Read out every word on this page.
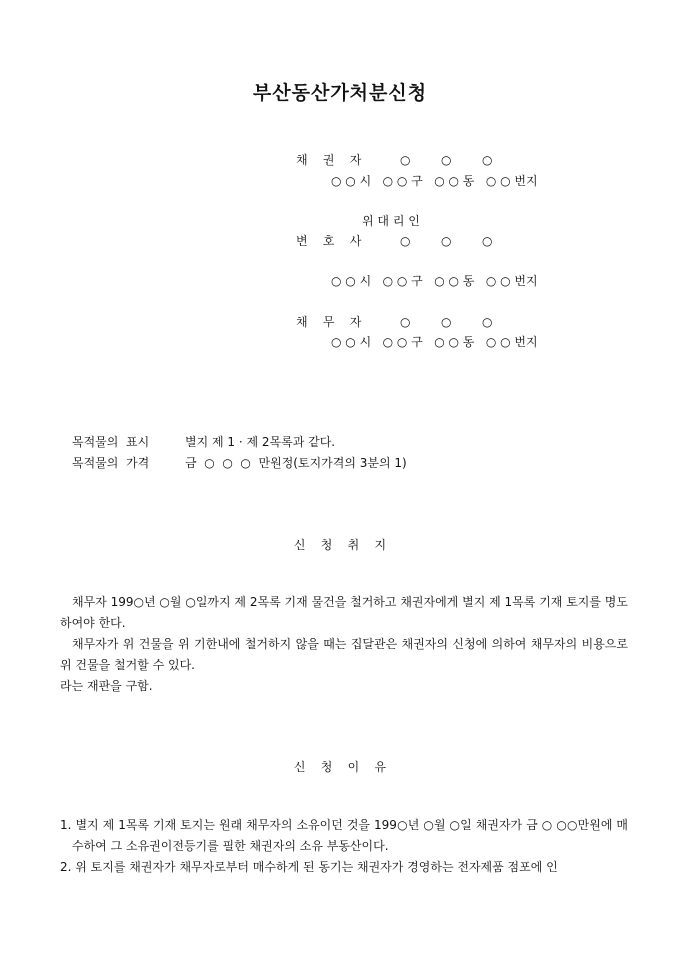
부산동산가처분신청
채    권    자	○        ○        ○
○ ○ 시   ○ ○ 구   ○ ○ 동   ○ ○ 번지
위 대 리 인
변    호    사	○        ○        ○
○ ○ 시   ○ ○ 구   ○ ○ 동   ○ ○ 번지
채    무    자	○        ○        ○
○ ○ 시   ○ ○ 구   ○ ○ 동   ○ ○ 번지
목적물의  표시	별지 제 1 · 제 2목록과 같다.
목적물의  가격	금  ○  ○  ○  만원정(토지가격의 3분의 1)
신    청    취    지

채무자 199○년 ○월 ○일까지 제 2목록 기재 물건을 철거하고 채권자에게 별지 제 1목록 기재 토지를 명도하여야 한다.

채무자가 위 건물을 위 기한내에 철거하지 않을 때는 집달관은 채권자의 신청에 의하여 채무자의 비용으로 위 건물을 철거할 수 있다.

라는 재판을 구함.

신    청    이    유

1. 별지 제 1목록 기재 토지는 원래 채무자의 소유이던 것을 199○년 ○월 ○일 채권자가 금 ○ ○○만원에 매수하여 그 소유권이전등기를 필한 채권자의 소유 부동산이다.

2. 위 토지를 채권자가 채무자로부터 매수하게 된 동기는 채권자가 경영하는 전자제품 점포에 인
